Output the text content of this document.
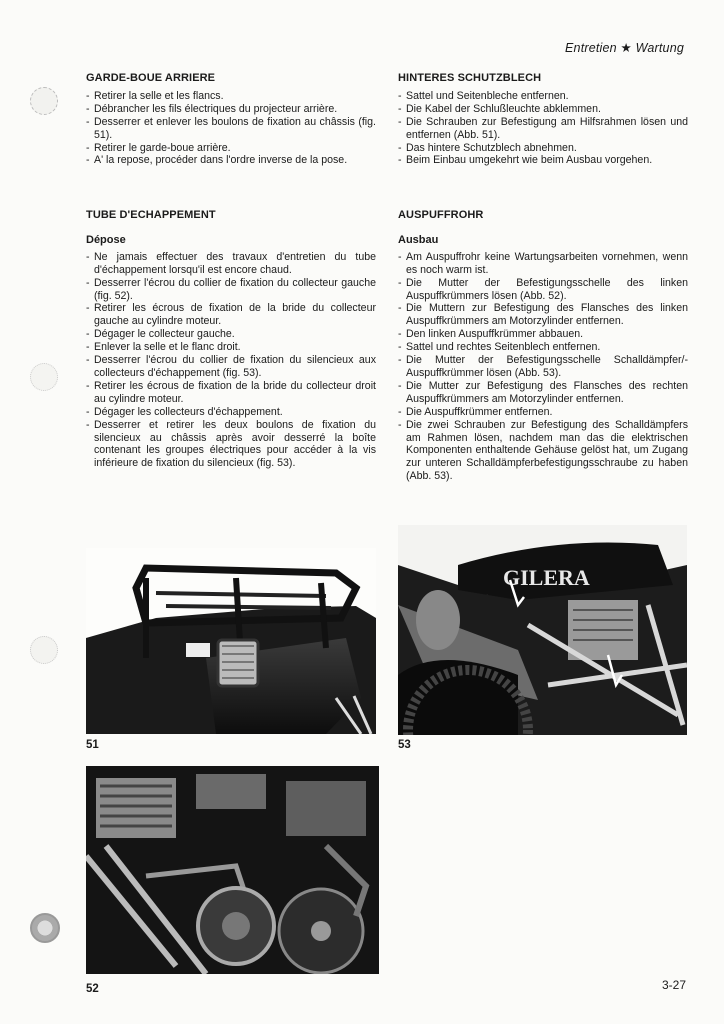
Entretien ★ Wartung
GARDE-BOUE ARRIERE
- Retirer la selle et les flancs.
- Débrancher les fils électriques du projecteur arrière.
- Desserrer et enlever les boulons de fixation au châssis (fig. 51).
- Retirer le garde-boue arrière.
- A' la repose, procéder dans l'ordre inverse de la pose.
TUBE D'ECHAPPEMENT
Dépose
- Ne jamais effectuer des travaux d'entretien du tube d'échappement lorsqu'il est encore chaud.
- Desserrer l'écrou du collier de fixation du collecteur gauche (fig. 52).
- Retirer les écrous de fixation de la bride du collecteur gauche au cylindre moteur.
- Dégager le collecteur gauche.
- Enlever la selle et le flanc droit.
- Desserrer l'écrou du collier de fixation du silencieux aux collecteurs d'échappement (fig. 53).
- Retirer les écrous de fixation de la bride du collecteur droit au cylindre moteur.
- Dégager les collecteurs d'échappement.
- Desserrer et retirer les deux boulons de fixation du silencieux au châssis après avoir desserré la boîte contenant les groupes électriques pour accéder à la vis inférieure de fixation du silencieux (fig. 53).
HINTERES SCHUTZBLECH
- Sattel und Seitenbleche entfernen.
- Die Kabel der Schlußleuchte abklemmen.
- Die Schrauben zur Befestigung am Hilfsrahmen lösen und entfernen (Abb. 51).
- Das hintere Schutzblech abnehmen.
- Beim Einbau umgekehrt wie beim Ausbau vorgehen.
AUSPUFFROHR
Ausbau
- Am Auspuffrohr keine Wartungsarbeiten vornehmen, wenn es noch warm ist.
- Die Mutter der Befestigungsschelle des linken Auspuffkrümmers lösen (Abb. 52).
- Die Muttern zur Befestigung des Flansches des linken Auspuffkrümmers am Motorzylinder entfernen.
- Den linken Auspuffkrümmer abbauen.
- Sattel und rechtes Seitenblech entfernen.
- Die Mutter der Befestigungsschelle Schalldämpfer/-Auspuffkrümmer lösen (Abb. 53).
- Die Mutter zur Befestigung des Flansches des rechten Auspuffkrümmers am Motorzylinder entfernen.
- Die Auspuffkrümmer entfernen.
- Die zwei Schrauben zur Befestigung des Schalldämpfers am Rahmen lösen, nachdem man das die elektrischen Komponenten enthaltende Gehäuse gelöst hat, um Zugang zur unteren Schalldämpferbefestigungsschraube zu haben (Abb. 53).
51
GILERA
53
52	3-27
